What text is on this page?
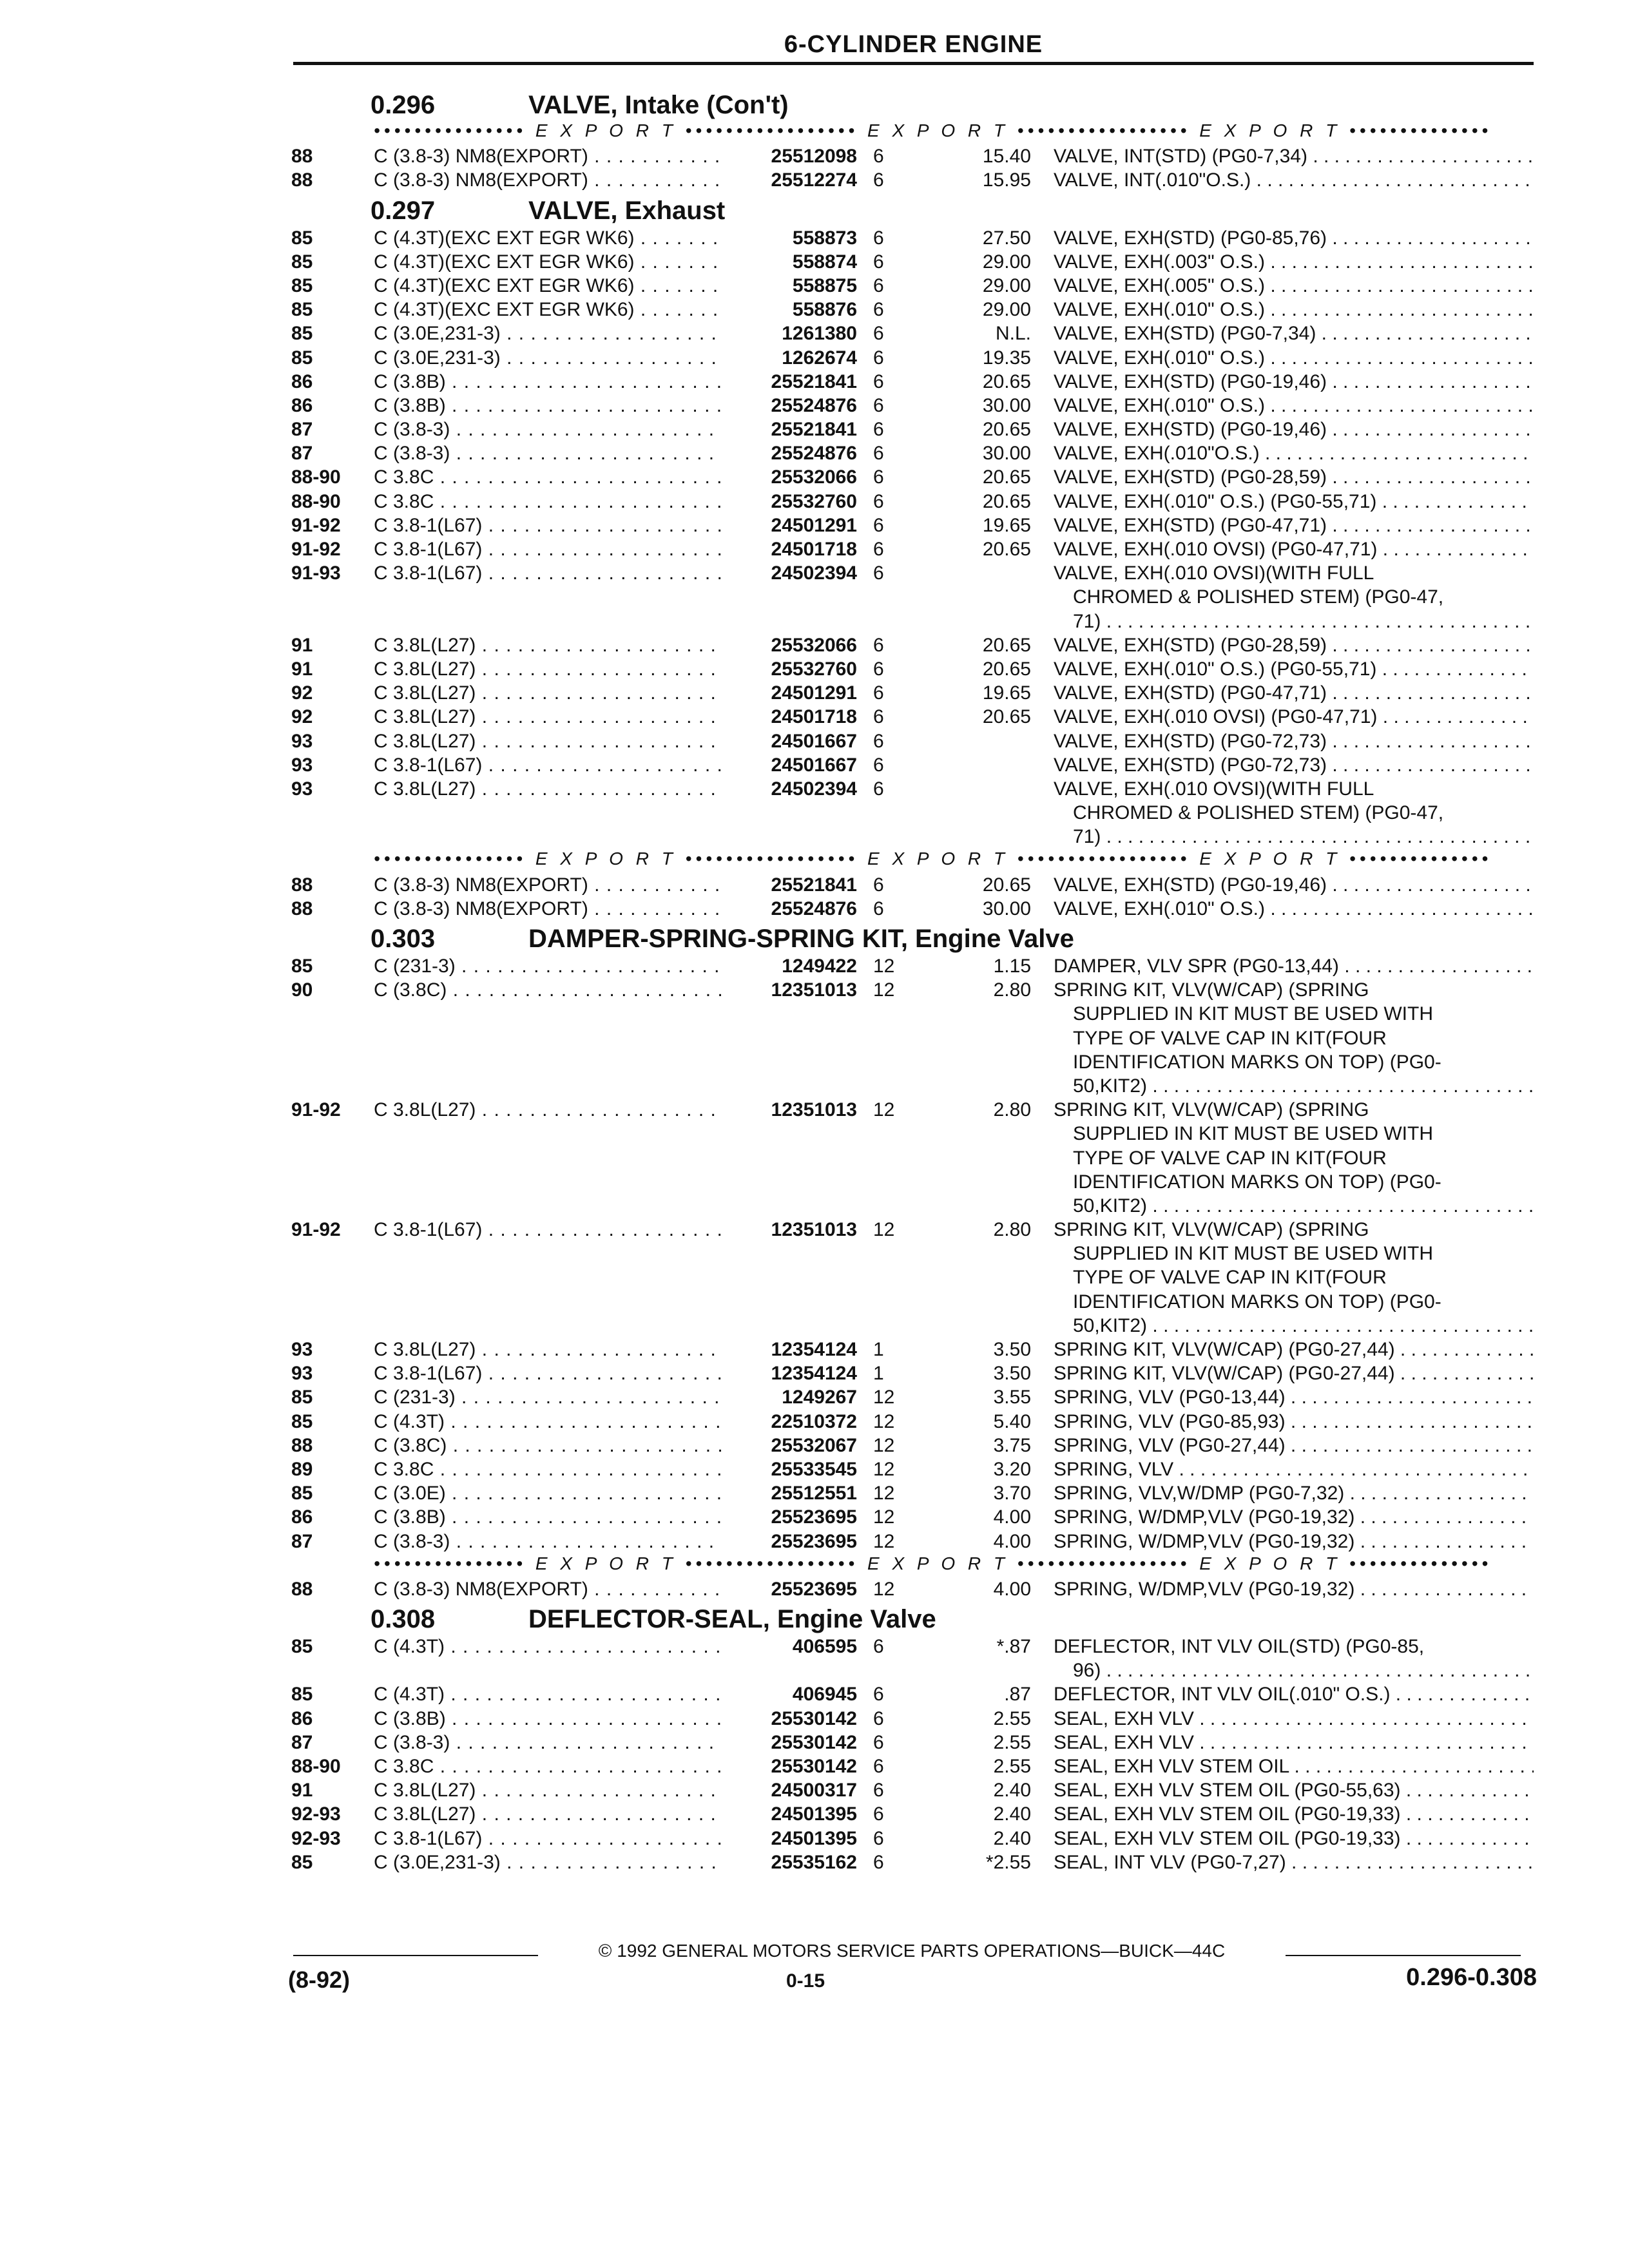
6-CYLINDER ENGINE
0.296	VALVE, Intake (Con't)
••••••••••••••• E X P O R T ••••••••••••••••• E X P O R T ••••••••••••••••• E X P O R T ••••••••••••••
88	C (3.8-3) NM8(EXPORT) . . .	25512098 6	15.40 VALVE, INT(STD) (PG0-7,34) . . .
88	C (3.8-3) NM8(EXPORT) . . .	25512274 6	15.95 VALVE, INT(.010"O.S.) . . .
0.297	VALVE, Exhaust
85	C (4.3T)(EXC EXT EGR WK6) . . .	558873 6	27.50 VALVE, EXH(STD) (PG0-85,76) . . .
85	C (4.3T)(EXC EXT EGR WK6) . . .	558874 6	29.00 VALVE, EXH(.003" O.S.) . . .
85	C (4.3T)(EXC EXT EGR WK6) . . .	558875 6	29.00 VALVE, EXH(.005" O.S.) . . .
85	C (4.3T)(EXC EXT EGR WK6) . . .	558876 6	29.00 VALVE, EXH(.010" O.S.) . . .
85	C (3.0E,231-3) . . .	1261380 6	N.L. VALVE, EXH(STD) (PG0-7,34) . . .
85	C (3.0E,231-3) . . .	1262674 6	19.35 VALVE, EXH(.010" O.S.) . . .
86	C (3.8B) . . .	25521841 6	20.65 VALVE, EXH(STD) (PG0-19,46) . . .
86	C (3.8B) . . .	25524876 6	30.00 VALVE, EXH(.010" O.S.) . . .
87	C (3.8-3) . . .	25521841 6	20.65 VALVE, EXH(STD) (PG0-19,46) . . .
87	C (3.8-3) . . .	25524876 6	30.00 VALVE, EXH(.010"O.S.) . . .
88-90 C 3.8C . . .	25532066 6	20.65 VALVE, EXH(STD) (PG0-28,59) . . .
88-90 C 3.8C . . .	25532760 6	20.65 VALVE, EXH(.010" O.S.) (PG0-55,71) . . .
91-92 C 3.8-1(L67) . . .	24501291 6	19.65 VALVE, EXH(STD) (PG0-47,71) . . .
91-92 C 3.8-1(L67) . . .	24501718 6	20.65 VALVE, EXH(.010 OVSI) (PG0-47,71) . . .
91-93 C 3.8-1(L67) . . .	24502394 6	VALVE, EXH(.010 OVSI)(WITH FULL
CHROMED & POLISHED STEM) (PG0-47,
71) . . .
91	C 3.8L(L27) . . .	25532066 6	20.65 VALVE, EXH(STD) (PG0-28,59) . . .
91	C 3.8L(L27) . . .	25532760 6	20.65 VALVE, EXH(.010" O.S.) (PG0-55,71) . . .
92	C 3.8L(L27) . . .	24501291 6	19.65 VALVE, EXH(STD) (PG0-47,71) . . .
92	C 3.8L(L27) . . .	24501718 6	20.65 VALVE, EXH(.010 OVSI) (PG0-47,71) . . .
93	C 3.8L(L27) . . .	24501667 6	VALVE, EXH(STD) (PG0-72,73) . . .
93	C 3.8-1(L67) . . .	24501667 6	VALVE, EXH(STD) (PG0-72,73) . . .
93	C 3.8L(L27) . . .	24502394 6	VALVE, EXH(.010 OVSI)(WITH FULL
CHROMED & POLISHED STEM) (PG0-47,
71) . . .
••••••••••••••• E X P O R T ••••••••••••••••• E X P O R T ••••••••••••••••• E X P O R T ••••••••••••••
88	C (3.8-3) NM8(EXPORT) . . .	25521841 6	20.65 VALVE, EXH(STD) (PG0-19,46) . . .
88	C (3.8-3) NM8(EXPORT) . . .	25524876 6	30.00 VALVE, EXH(.010" O.S.) . . .
0.303	DAMPER-SPRING-SPRING KIT, Engine Valve
85	C (231-3) . . .	1249422 12	1.15 DAMPER, VLV SPR (PG0-13,44) . . .
90	C (3.8C) . . .	12351013 12	2.80 SPRING KIT, VLV(W/CAP) (SPRING
SUPPLIED IN KIT MUST BE USED WITH
TYPE OF VALVE CAP IN KIT(FOUR
IDENTIFICATION MARKS ON TOP) (PG0-
50,KIT2) . . .
91-92 C 3.8L(L27) . . .	12351013 12	2.80 SPRING KIT, VLV(W/CAP) (SPRING
SUPPLIED IN KIT MUST BE USED WITH
TYPE OF VALVE CAP IN KIT(FOUR
IDENTIFICATION MARKS ON TOP) (PG0-
50,KIT2) . . .
91-92 C 3.8-1(L67) . . .	12351013 12	2.80 SPRING KIT, VLV(W/CAP) (SPRING
SUPPLIED IN KIT MUST BE USED WITH
TYPE OF VALVE CAP IN KIT(FOUR
IDENTIFICATION MARKS ON TOP) (PG0-
50,KIT2) . . .
93	C 3.8L(L27) . . .	12354124 1	3.50 SPRING KIT, VLV(W/CAP) (PG0-27,44) . . .
93	C 3.8-1(L67) . . .	12354124 1	3.50 SPRING KIT, VLV(W/CAP) (PG0-27,44) . . .
85	C (231-3) . . .	1249267 12	3.55 SPRING, VLV (PG0-13,44) . . .
85	C (4.3T) . . .	22510372 12	5.40 SPRING, VLV (PG0-85,93) . . .
88	C (3.8C) . . .	25532067 12	3.75 SPRING, VLV (PG0-27,44) . . .
89	C 3.8C . . .	25533545 12	3.20 SPRING, VLV . . .
85	C (3.0E) . . .	25512551 12	3.70 SPRING, VLV,W/DMP (PG0-7,32) . . .
86	C (3.8B) . . .	25523695 12	4.00 SPRING, W/DMP,VLV (PG0-19,32) . . .
87	C (3.8-3) . . .	25523695 12	4.00 SPRING, W/DMP,VLV (PG0-19,32) . . .
••••••••••••••• E X P O R T ••••••••••••••••• E X P O R T ••••••••••••••••• E X P O R T ••••••••••••••
88	C (3.8-3) NM8(EXPORT) . . .	25523695 12	4.00 SPRING, W/DMP,VLV (PG0-19,32) . . .
0.308	DEFLECTOR-SEAL, Engine Valve
85	C (4.3T) . . .	406595 6	*.87 DEFLECTOR, INT VLV OIL(STD) (PG0-85,
96) . . .
85	C (4.3T) . . .	406945 6	.87 DEFLECTOR, INT VLV OIL(.010" O.S.) . . .
86	C (3.8B) . . .	25530142 6	2.55 SEAL, EXH VLV . . .
87	C (3.8-3) . . .	25530142 6	2.55 SEAL, EXH VLV . . .
88-90 C 3.8C . . .	25530142 6	2.55 SEAL, EXH VLV STEM OIL . . .
91	C 3.8L(L27) . . .	24500317 6	2.40 SEAL, EXH VLV STEM OIL (PG0-55,63) . . .
92-93 C 3.8L(L27) . . .	24501395 6	2.40 SEAL, EXH VLV STEM OIL (PG0-19,33) . . .
92-93 C 3.8-1(L67) . . .	24501395 6	2.40 SEAL, EXH VLV STEM OIL (PG0-19,33) . . .
85	C (3.0E,231-3) . . .	25535162 6	*2.55 SEAL, INT VLV (PG0-7,27) . . .
© 1992 GENERAL MOTORS SERVICE PARTS OPERATIONS—BUICK—44C
(8-92)	0-15	0.296-0.308
